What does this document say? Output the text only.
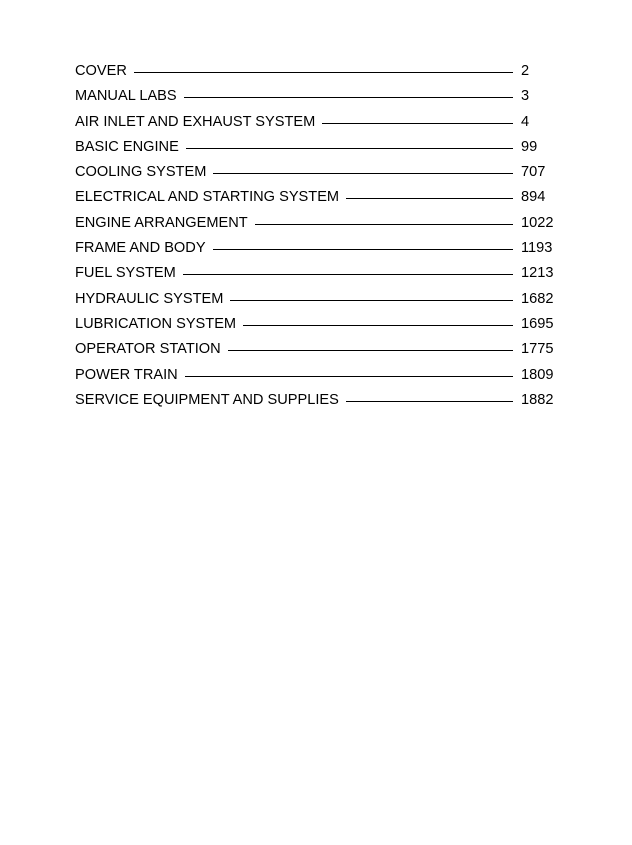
COVER	2
MANUAL LABS	3
AIR INLET AND EXHAUST SYSTEM	4
BASIC ENGINE	99
COOLING SYSTEM	707
ELECTRICAL AND STARTING SYSTEM	894
ENGINE ARRANGEMENT	1022
FRAME AND BODY	1193
FUEL SYSTEM	1213
HYDRAULIC SYSTEM	1682
LUBRICATION SYSTEM	1695
OPERATOR STATION	1775
POWER TRAIN	1809
SERVICE EQUIPMENT AND SUPPLIES	1882
